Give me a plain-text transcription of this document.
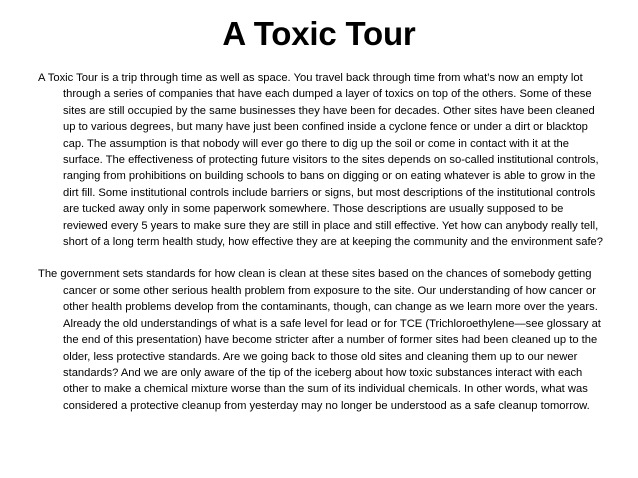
A Toxic Tour

A Toxic Tour is a trip through time as well as space. You travel back through time from what’s now an empty lot through a series of companies that have each dumped a layer of toxics on top of the others. Some of these sites are still occupied by the same businesses they have been for decades. Other sites have been cleaned up to various degrees, but many have just been confined inside a cyclone fence or under a dirt or blacktop cap. The assumption is that nobody will ever go there to dig up the soil or come in contact with it at the surface. The effectiveness of protecting future visitors to the sites depends on so-called institutional controls, ranging from prohibitions on building schools to bans on digging or on eating whatever is able to grow in the dirt fill. Some institutional controls include barriers or signs, but most descriptions of the institutional controls are tucked away only in some paperwork somewhere. Those descriptions are usually supposed to be reviewed every 5 years to make sure they are still in place and still effective. Yet how can anybody really tell, short of a long term health study, how effective they are at keeping the community and the environment safe?

The government sets standards for how clean is clean at these sites based on the chances of somebody getting cancer or some other serious health problem from exposure to the site. Our understanding of how cancer or other health problems develop from the contaminants, though, can change as we learn more over the years. Already the old understandings of what is a safe level for lead or for TCE (Trichloroethylene—see glossary at the end of this presentation) have become stricter after a number of former sites had been cleaned up to the older, less protective standards. Are we going back to those old sites and cleaning them up to our newer standards? And we are only aware of the tip of the iceberg about how toxic substances interact with each other to make a chemical mixture worse than the sum of its individual chemicals. In other words, what was considered a protective cleanup from yesterday may no longer be understood as a safe cleanup tomorrow.
